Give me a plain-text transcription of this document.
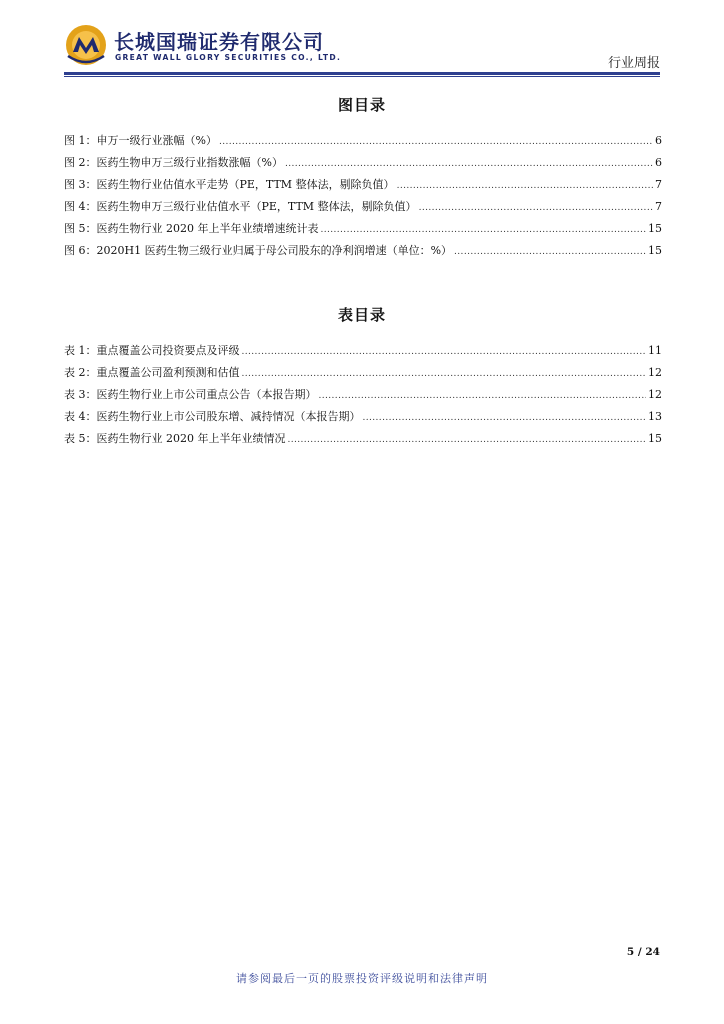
长城国瑞证券有限公司
GREAT WALL GLORY SECURITIES CO., LTD.	行业周报
图目录
图 1：申万一级行业涨幅（%） .....	6
图 2：医药生物申万三级行业指数涨幅（%） .....	6
图 3：医药生物行业估值水平走势（PE，TTM 整体法，剔除负值） .....	7
图 4：医药生物申万三级行业估值水平（PE，TTM 整体法，剔除负值） .....	7
图 5：医药生物行业 2020 年上半年业绩增速统计表 .....	15
图 6：2020H1 医药生物三级行业归属于母公司股东的净利润增速（单位：%） .....	15
表目录
表 1：重点覆盖公司投资要点及评级 .....	11
表 2：重点覆盖公司盈利预测和估值 .....	12
表 3：医药生物行业上市公司重点公告（本报告期） .....	12
表 4：医药生物行业上市公司股东增、减持情况（本报告期） .....	13
表 5：医药生物行业 2020 年上半年业绩情况 .....	15
5 / 24
请参阅最后一页的股票投资评级说明和法律声明
